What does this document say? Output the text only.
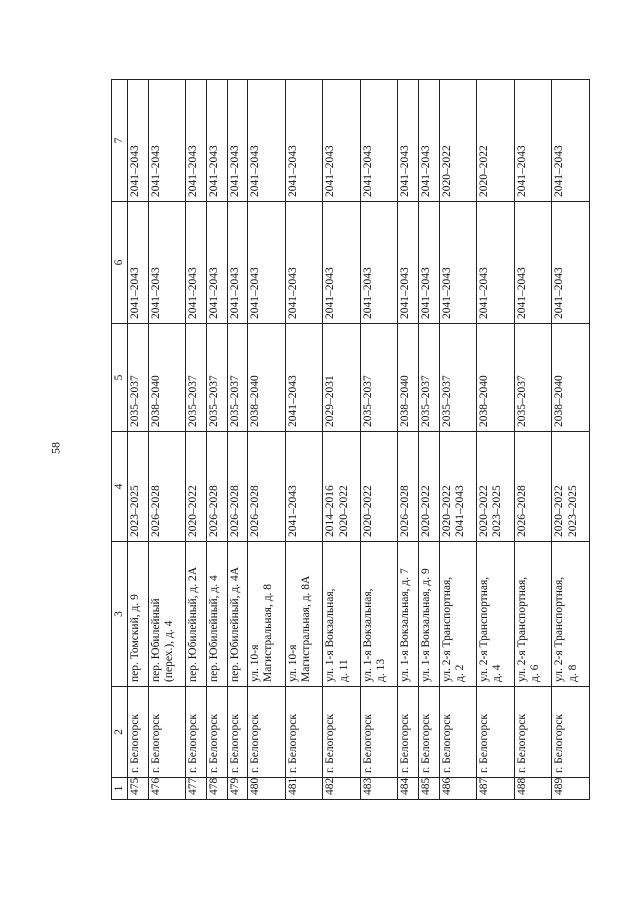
58
1	2	3	4	5	6	7
475	г. Белогорск	пер. Томский, д. 9	2023–2025	2035–2037	2041–2043	2041–2043
476	г. Белогорск	пер. Юбилейный (перех.), д. 4	2026–2028	2038–2040	2041–2043	2041–2043
477	г. Белогорск	пер. Юбилейный, д. 2А	2020–2022	2035–2037	2041–2043	2041–2043
478	г. Белогорск	пер. Юбилейный, д. 4	2026–2028	2035–2037	2041–2043	2041–2043
479	г. Белогорск	пер. Юбилейный, д. 4А	2026–2028	2035–2037	2041–2043	2041–2043
480	г. Белогорск	ул. 10-я Магистральная, д. 8	2026–2028	2038–2040	2041–2043	2041–2043
481	г. Белогорск	ул. 10-я Магистральная, д. 8А	2041–2043	2041–2043	2041–2043	2041–2043
482	г. Белогорск	ул. 1-я Вокзальная, д. 11	2014–2016 2020–2022	2029–2031	2041–2043	2041–2043
483	г. Белогорск	ул. 1-я Вокзальная, д. 13	2020–2022	2035–2037	2041–2043	2041–2043
484	г. Белогорск	ул. 1-я Вокзальная, д. 7	2026–2028	2038–2040	2041–2043	2041–2043
485	г. Белогорск	ул. 1-я Вокзальная, д. 9	2020–2022	2035–2037	2041–2043	2041–2043
486	г. Белогорск	ул. 2-я Транспортная, д. 2	2020–2022 2041–2043	2035–2037	2041–2043	2020–2022
487	г. Белогорск	ул. 2-я Транспортная, д. 4	2020–2022 2023–2025	2038–2040	2041–2043	2020–2022
488	г. Белогорск	ул. 2-я Транспортная, д. 6	2026–2028	2035–2037	2041–2043	2041–2043
489	г. Белогорск	ул. 2-я Транспортная, д. 8	2020–2022 2023–2025	2038–2040	2041–2043	2041–2043
